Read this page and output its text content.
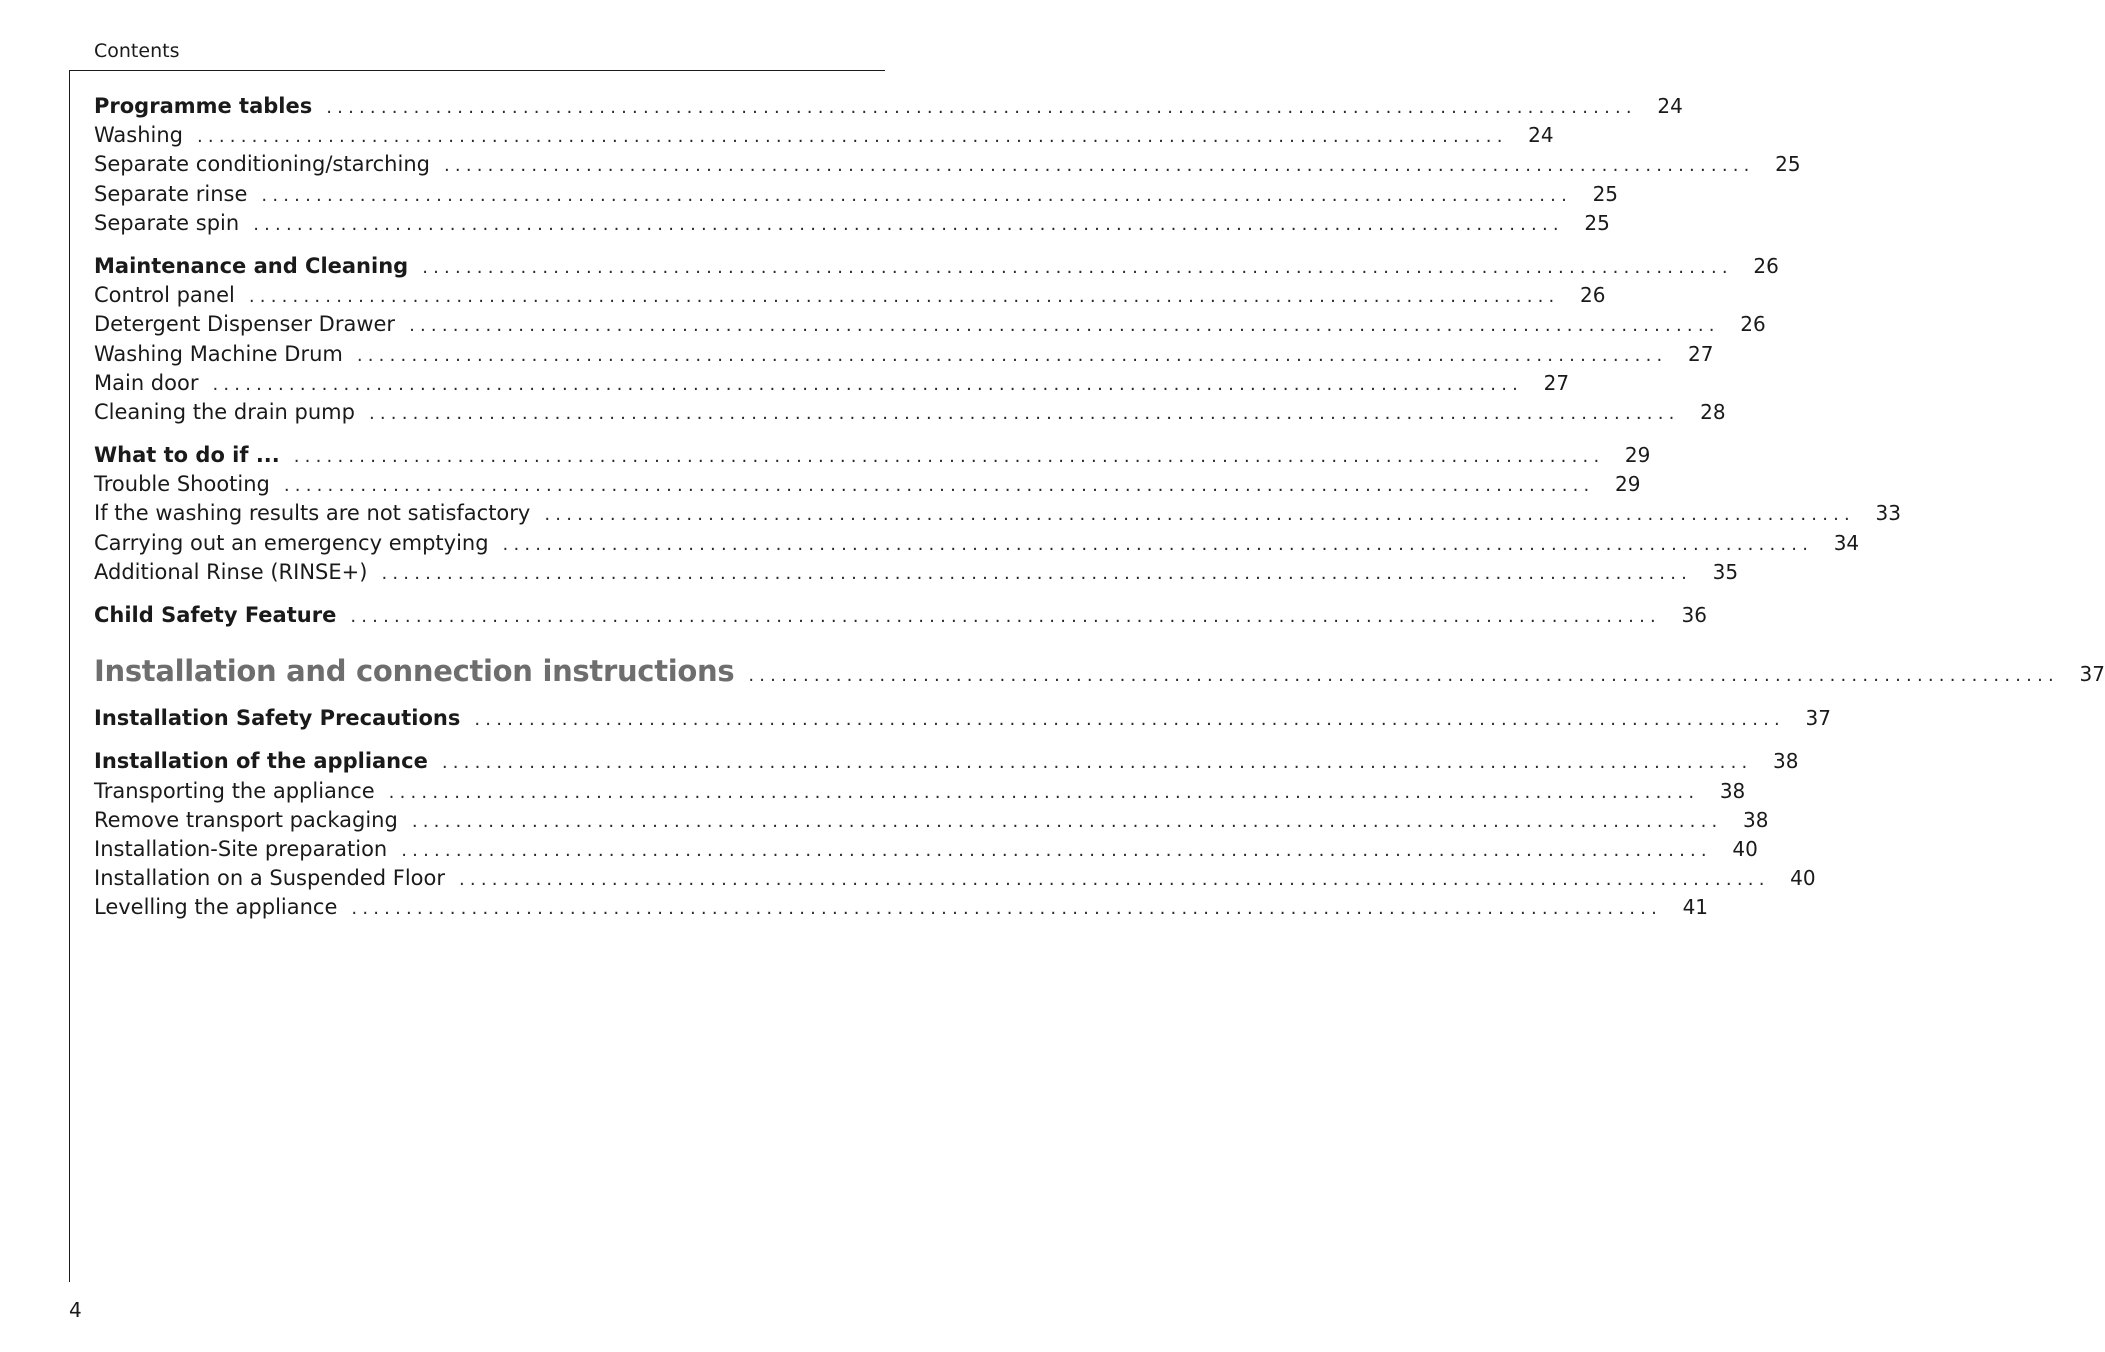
Contents
Programme tables ........................................................................................................................	24
Washing ........................................................................................................................	24
Separate conditioning/starching ........................................................................................................................	25
Separate rinse ........................................................................................................................	25
Separate spin ........................................................................................................................	25
Maintenance and Cleaning ........................................................................................................................	26
Control panel ........................................................................................................................	26
Detergent Dispenser Drawer ........................................................................................................................	26
Washing Machine Drum ........................................................................................................................	27
Main door ........................................................................................................................	27
Cleaning the drain pump ........................................................................................................................	28
What to do if ... ........................................................................................................................	29
Trouble Shooting ........................................................................................................................	29
If the washing results are not satisfactory ........................................................................................................................	33
Carrying out an emergency emptying ........................................................................................................................	34
Additional Rinse (RINSE+) ........................................................................................................................	35
Child Safety Feature ........................................................................................................................	36
Installation and connection instructions ........................................................................................................................	37
Installation Safety Precautions ........................................................................................................................	37
Installation of the appliance ........................................................................................................................	38
Transporting the appliance ........................................................................................................................	38
Remove transport packaging ........................................................................................................................	38
Installation-Site preparation ........................................................................................................................	40
Installation on a Suspended Floor ........................................................................................................................	40
Levelling the appliance ........................................................................................................................	41
4
